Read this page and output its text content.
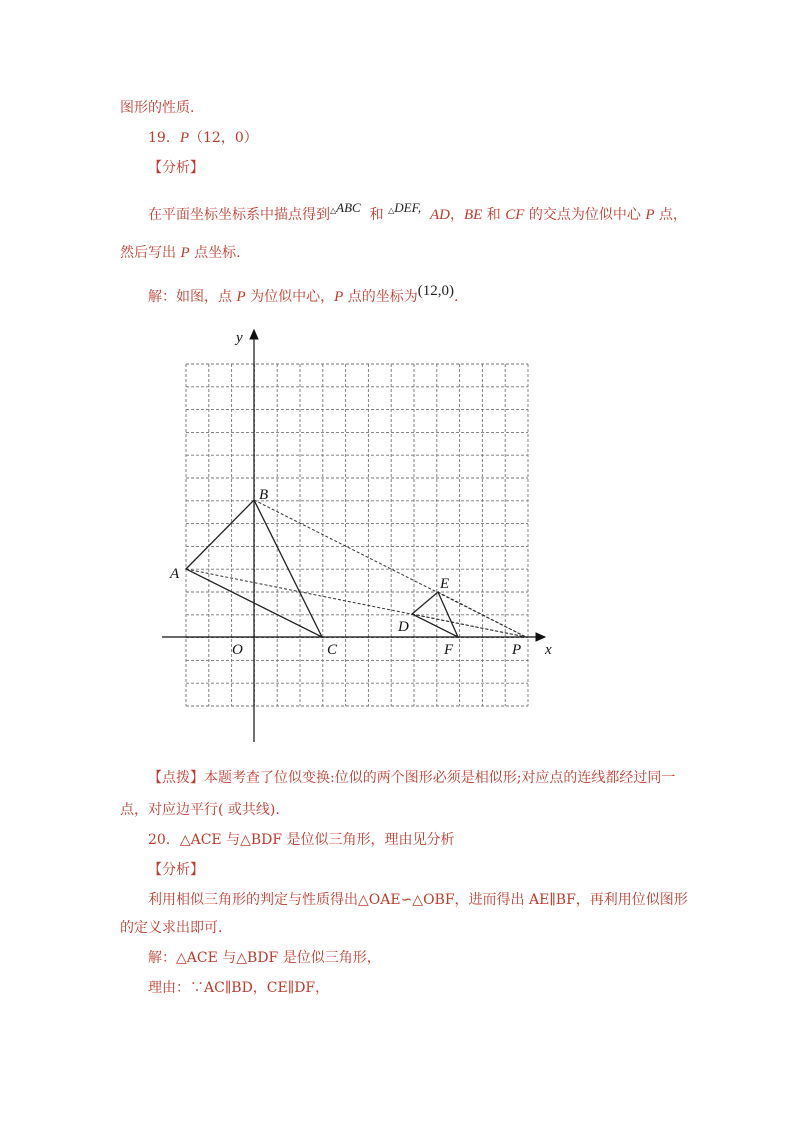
图形的性质.
19．P（12，0）
【分析】
在平面坐标坐标系中描点得到△ABC 和 △DEF, AD，BE 和 CF 的交点为位似中心 P 点，
然后写出 P 点坐标.
解：如图，点 P 为位似中心，P 点的坐标为(12,0).
y
x
O
A
B
C
D
E
F	P
【点拨】本题考查了位似变换:位似的两个图形必须是相似形;对应点的连线都经过同一
点，对应边平行( 或共线).
20．△ACE 与△BDF 是位似三角形，理由见分析
【分析】
利用相似三角形的判定与性质得出△OAE∽△OBF，进而得出 AE∥BF，再利用位似图形
的定义求出即可.
解：△ACE 与△BDF 是位似三角形，
理由：∵AC∥BD，CE∥DF，
